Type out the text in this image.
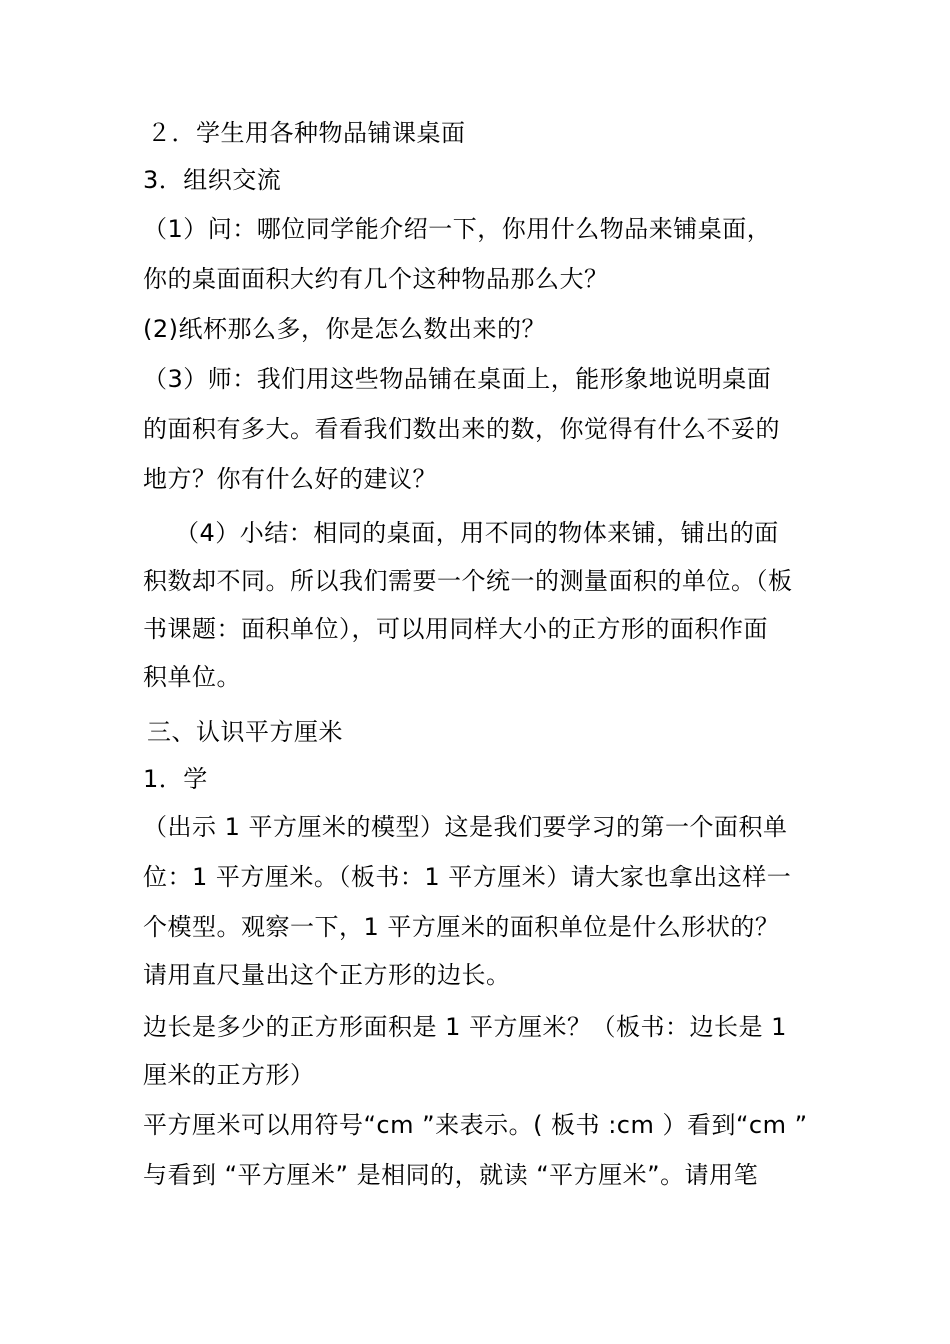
２．学生用各种物品铺课桌面
3．组织交流
（1）问：哪位同学能介绍一下，你用什么物品来铺桌面，
你的桌面面积大约有几个这种物品那么大？
(2)纸杯那么多，你是怎么数出来的？
（3）师：我们用这些物品铺在桌面上，能形象地说明桌面
的面积有多大。看看我们数出来的数，你觉得有什么不妥的
地方？你有什么好的建议？
（4）小结：相同的桌面，用不同的物体来铺，铺出的面
积数却不同。所以我们需要一个统一的测量面积的单位。（板
书课题：面积单位），可以用同样大小的正方形的面积作面
积单位。
三、认识平方厘米
1．学
（出示 1 平方厘米的模型）这是我们要学习的第一个面积单
位：1 平方厘米。（板书：1 平方厘米）请大家也拿出这样一
个模型。观察一下，1 平方厘米的面积单位是什么形状的？
请用直尺量出这个正方形的边长。
边长是多少的正方形面积是 1 平方厘米？（板书：边长是 1
厘米的正方形）
平方厘米可以用符号“cm ”来表示。( 板书 :cm ）看到“cm ”
与看到 “平方厘米” 是相同的，就读 “平方厘米”。请用笔
